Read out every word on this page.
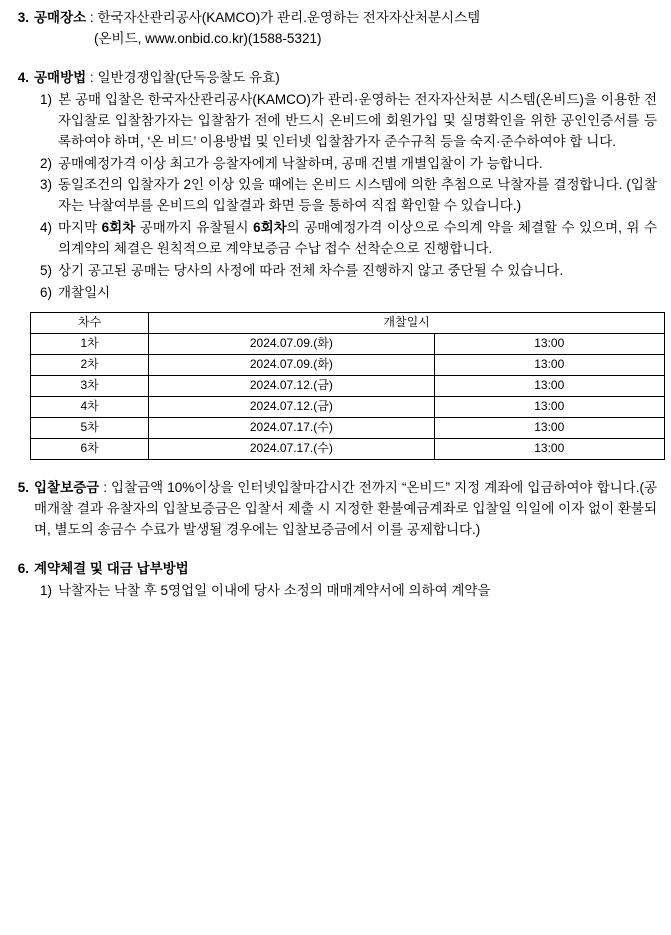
3. 공매장소 : 한국자산관리공사(KAMCO)가 관리.운영하는 전자자산처분시스템
(온비드, www.onbid.co.kr)(1588-5321)
4. 공매방법 : 일반경쟁입찰(단독응찰도 유효)
1) 본 공매 입찰은 한국자산관리공사(KAMCO)가 관리·운영하는 전자자산처분 시스템(온비드)을 이용한 전자입찰로 입찰참가자는 입찰참가 전에 반드시 온비드에 회원가입 및 실명확인을 위한 공인인증서를 등록하여야 하며, ‘온 비드’ 이용방법 및 인터넷 입찰참가자 준수규칙 등을 숙지·준수하여야 합 니다.
2) 공매예정가격 이상 최고가 응찰자에게 낙찰하며, 공매 건별 개별입찰이 가 능합니다.
3) 동일조건의 입찰자가 2인 이상 있을 때에는 온비드 시스템에 의한 추첨으로 낙찰자를 결정합니다. (입찰자는 낙찰여부를 온비드의 입찰결과 화면 등을 통하여 직접 확인할 수 있습니다.)
4) 마지막 6회차 공매까지 유찰될시 6회차의 공매예정가격 이상으로 수의계 약을 체결할 수 있으며, 위 수의계약의 체결은 원칙적으로 계약보증금 수납 접수 선착순으로 진행합니다.
5) 상기 공고된 공매는 당사의 사정에 따라 전체 차수를 진행하지 않고 중단될 수 있습니다.
6) 개찰일시
차수	개찰일시	
1차	2024.07.09.(화)	13:00
2차	2024.07.09.(화)	13:00
3차	2024.07.12.(금)	13:00
4차	2024.07.12.(금)	13:00
5차	2024.07.17.(수)	13:00
6차	2024.07.17.(수)	13:00
5. 입찰보증금 : 입찰금액 10%이상을 인터넷입찰마감시간 전까지 “온비드” 지정 계좌에 입금하여야 합니다.(공매개찰 결과 유찰자의 입찰보증금은 입찰서 제출 시 지정한 환불예금계좌로 입찰일 익일에 이자 없이 환불되며, 별도의 송금수 수료가 발생될 경우에는 입찰보증금에서 이를 공제합니다.)
6. 계약체결 및 대금 납부방법
1) 낙찰자는 낙찰 후 5영업일 이내에 당사 소정의 매매계약서에 의하여 계약을
